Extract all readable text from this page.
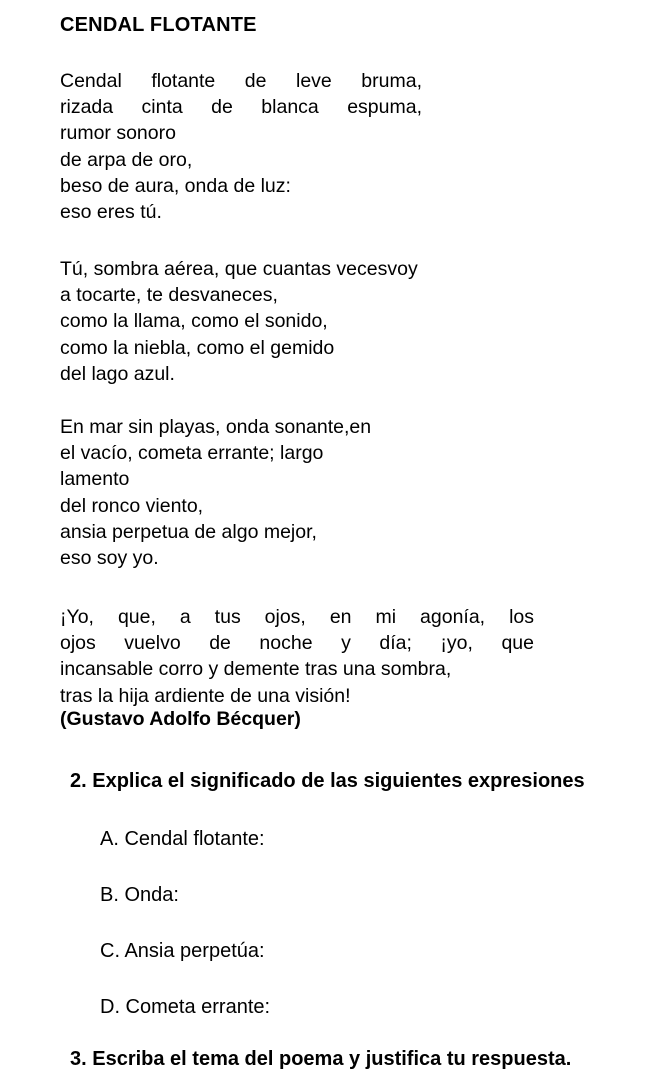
CENDAL FLOTANTE
Cendal flotante de leve bruma,
rizada cinta de blanca espuma,
rumor sonoro
de arpa de oro,
beso de aura, onda de luz:
eso eres tú.
Tú, sombra aérea, que cuantas vecesvoy
a tocarte, te desvaneces,
como la llama, como el sonido,
como la niebla, como el gemido
del lago azul.
En mar sin playas, onda sonante,en
el vacío, cometa errante; largo
lamento
del ronco viento,
ansia perpetua de algo mejor,
eso soy yo.
¡Yo, que, a tus ojos, en mi agonía, los
ojos vuelvo de noche y día; ¡yo, que
incansable corro y demente tras una sombra,
tras la hija ardiente de una visión!
(Gustavo Adolfo Bécquer)
2. Explica el significado de las siguientes expresiones
A. Cendal flotante:
B. Onda:
C. Ansia perpetúa:
D. Cometa errante:
3. Escriba el tema del poema y justifica tu respuesta.
